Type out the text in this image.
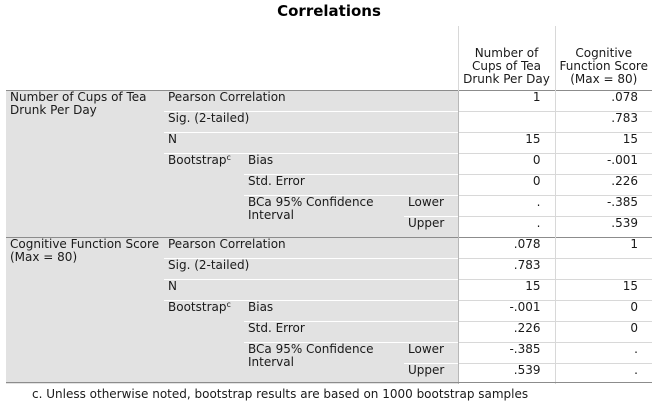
Correlations
				Number of Cups of Tea Drunk Per Day	Cognitive Function Score (Max = 80)
Number of Cups of Tea Drunk Per Day	Pearson Correlation			1	.078
	Sig. (2-tailed)				.783
	N			15	15
	Bootstrap$^c$	Bias		0	-.001
		Std. Error		0	.226
		BCa 95% Confidence Interval	Lower	.	-.385
			Upper	.	.539
Cognitive Function Score (Max = 80)	Pearson Correlation			.078	1
	Sig. (2-tailed)			.783	
	N			15	15
	Bootstrap$^c$	Bias		-.001	0
		Std. Error		.226	0
		BCa 95% Confidence Interval	Lower	-.385	.
			Upper	.539	.
c. Unless otherwise noted, bootstrap results are based on 1000 bootstrap samples
